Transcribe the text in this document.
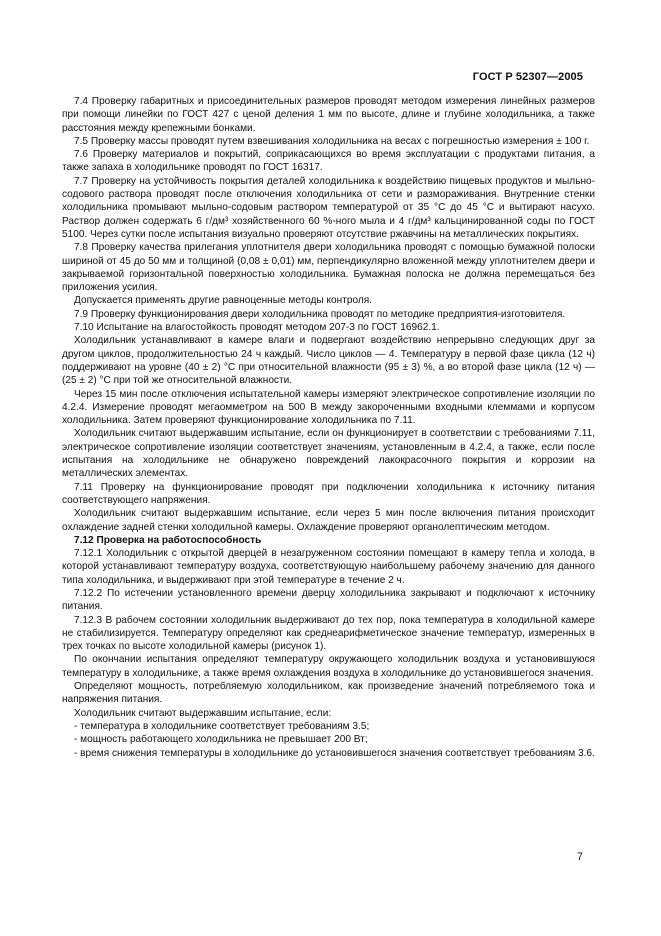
ГОСТ Р 52307—2005

7.4 Проверку габаритных и присоединительных размеров проводят методом измерения линейных размеров при помощи линейки по ГОСТ 427 с ценой деления 1 мм по высоте, длине и глубине холодильника, а также расстояния между крепежными бонками.

7.5 Проверку массы проводят путем взвешивания холодильника на весах с погрешностью измерения ± 100 г.

7.6 Проверку материалов и покрытий, соприкасающихся во время эксплуатации с продуктами питания, а также запаха в холодильнике проводят по ГОСТ 16317.

7.7 Проверку на устойчивость покрытия деталей холодильника к воздействию пищевых продуктов и мыльно-содового раствора проводят после отключения холодильника от сети и размораживания. Внутренние стенки холодильника промывают мыльно-содовым раствором температурой от 35 °С до 45 °С и вытирают насухо. Раствор должен содержать 6 г/дм³ хозяйственного 60 %-ного мыла и 4 г/дм³ кальцинированной соды по ГОСТ 5100. Через сутки после испытания визуально проверяют отсутствие ржавчины на металлических покрытиях.

7.8 Проверку качества прилегания уплотнителя двери холодильника проводят с помощью бумажной полоски шириной от 45 до 50 мм и толщиной (0,08 ± 0,01) мм, перпендикулярно вложенной между уплотнителем двери и закрываемой горизонтальной поверхностью холодильника. Бумажная полоска не должна перемещаться без приложения усилия.

Допускается применять другие равноценные методы контроля.

7.9 Проверку функционирования двери холодильника проводят по методике предприятия-изготовителя.

7.10 Испытание на влагостойкость проводят методом 207-3 по ГОСТ 16962.1.

Холодильник устанавливают в камере влаги и подвергают воздействию непрерывно следующих друг за другом циклов, продолжительностью 24 ч каждый. Число циклов — 4. Температуру в первой фазе цикла (12 ч) поддерживают на уровне (40 ± 2) °С при относительной влажности (95 ± 3) %, а во второй фазе цикла (12 ч) — (25 ± 2) °С при той же относительной влажности.

Через 15 мин после отключения испытательной камеры измеряют электрическое сопротивление изоляции по 4.2.4. Измерение проводят мегаомметром на 500 В между закороченными входными клеммами и корпусом холодильника. Затем проверяют функционирование холодильника по 7.11.

Холодильник считают выдержавшим испытание, если он функционирует в соответствии с требованиями 7.11, электрическое сопротивление изоляции соответствует значениям, установленным в 4.2.4, а также, если после испытания на холодильнике не обнаружено повреждений лакокрасочного покрытия и коррозии на металлических элементах.

7.11 Проверку на функционирование проводят при подключении холодильника к источнику питания соответствующего напряжения.

Холодильник считают выдержавшим испытание, если через 5 мин после включения питания происходит охлаждение задней стенки холодильной камеры. Охлаждение проверяют органолептическим методом.

7.12 Проверка на работоспособность

7.12.1 Холодильник с открытой дверцей в незагруженном состоянии помещают в камеру тепла и холода, в которой устанавливают температуру воздуха, соответствующую наибольшему рабочему значению для данного типа холодильника, и выдерживают при этой температуре в течение 2 ч.

7.12.2 По истечении установленного времени дверцу холодильника закрывают и подключают к источнику питания.

7.12.3 В рабочем состоянии холодильник выдерживают до тех пор, пока температура в холодильной камере не стабилизируется. Температуру определяют как среднеарифметическое значение температур, измеренных в трех точках по высоте холодильной камеры (рисунок 1).

По окончании испытания определяют температуру окружающего холодильник воздуха и установившуюся температуру в холодильнике, а также время охлаждения воздуха в холодильнике до установившегося значения.

Определяют мощность, потребляемую холодильником, как произведение значений потребляемого тока и напряжения питания.

Холодильник считают выдержавшим испытание, если:

- температура в холодильнике соответствует требованиям 3.5;

- мощность работающего холодильника не превышает 200 Вт;

- время снижения температуры в холодильнике до установившегося значения соответствует требованиям 3.6.

7
